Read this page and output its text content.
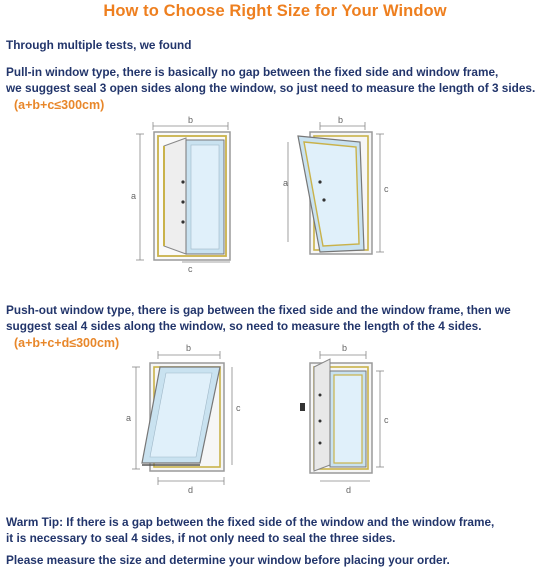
How to Choose Right Size for Your Window
Through multiple tests, we found
Pull-in window type, there is basically no gap between the fixed side and window frame,
we suggest seal 3 open sides along the window, so just need to measure the length of 3 sides.
(a+b+c≤300cm)
b
a
c
b
a
c
Push-out window type, there is gap between the fixed side and the window frame, then we
suggest seal 4 sides along the window, so need to measure the length of the 4 sides.
(a+b+c+d≤300cm)	b
a
c
d
b
c
d
Warm Tip: If there is a gap between the fixed side of the window and the window frame,
it is necessary to seal 4 sides, if not only need to seal the three sides.
Please measure the size and determine your window before placing your order.
